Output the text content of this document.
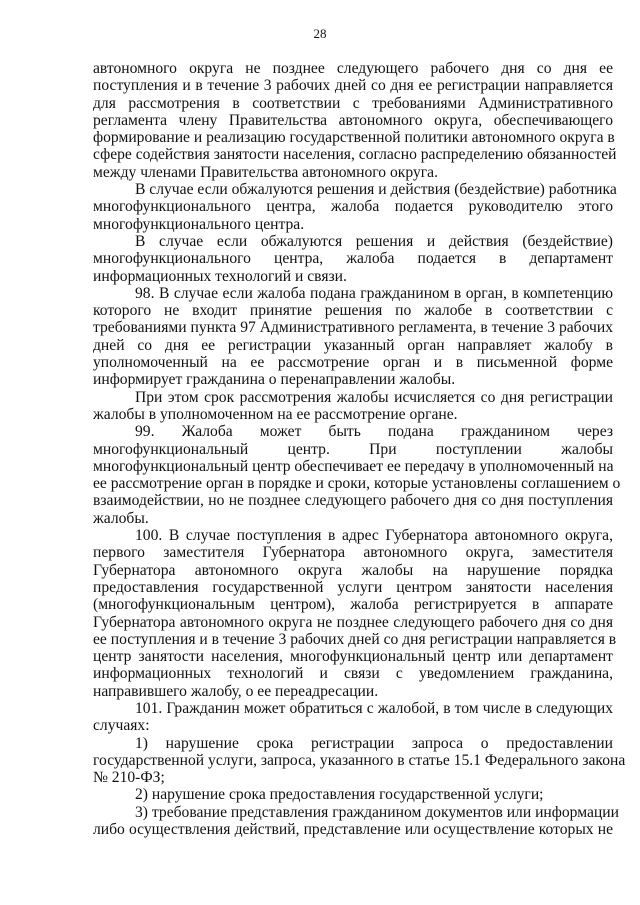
28
автономного округа не позднее следующего рабочего дня со дня ее
поступления и в течение 3 рабочих дней со дня ее регистрации направляется
для рассмотрения в соответствии с требованиями Административного
регламента члену Правительства автономного округа, обеспечивающего
формирование и реализацию государственной политики автономного округа в
сфере содействия занятости населения, согласно распределению обязанностей
между членами Правительства автономного округа.
В случае если обжалуются решения и действия (бездействие) работника
многофункционального центра, жалоба подается руководителю этого
многофункционального центра.
В случае если обжалуются решения и действия (бездействие)
многофункционального центра, жалоба подается в департамент
информационных технологий и связи.
98. В случае если жалоба подана гражданином в орган, в компетенцию
которого не входит принятие решения по жалобе в соответствии с
требованиями пункта 97 Административного регламента, в течение 3 рабочих
дней со дня ее регистрации указанный орган направляет жалобу в
уполномоченный на ее рассмотрение орган и в письменной форме
информирует гражданина о перенаправлении жалобы.
При этом срок рассмотрения жалобы исчисляется со дня регистрации
жалобы в уполномоченном на ее рассмотрение органе.
99. Жалоба может быть подана гражданином через
многофункциональный центр. При поступлении жалобы
многофункциональный центр обеспечивает ее передачу в уполномоченный на
ее рассмотрение орган в порядке и сроки, которые установлены соглашением о
взаимодействии, но не позднее следующего рабочего дня со дня поступления
жалобы.
100. В случае поступления в адрес Губернатора автономного округа,
первого заместителя Губернатора автономного округа, заместителя
Губернатора автономного округа жалобы на нарушение порядка
предоставления государственной услуги центром занятости населения
(многофункциональным центром), жалоба регистрируется в аппарате
Губернатора автономного округа не позднее следующего рабочего дня со дня
ее поступления и в течение 3 рабочих дней со дня регистрации направляется в
центр занятости населения, многофункциональный центр или департамент
информационных технологий и связи с уведомлением гражданина,
направившего жалобу, о ее переадресации.
101. Гражданин может обратиться с жалобой, в том числе в следующих
случаях:
1) нарушение срока регистрации запроса о предоставлении
государственной услуги, запроса, указанного в статье 15.1 Федерального закона
№ 210-ФЗ;
2) нарушение срока предоставления государственной услуги;
3) требование представления гражданином документов или информации
либо осуществления действий, представление или осуществление которых не
